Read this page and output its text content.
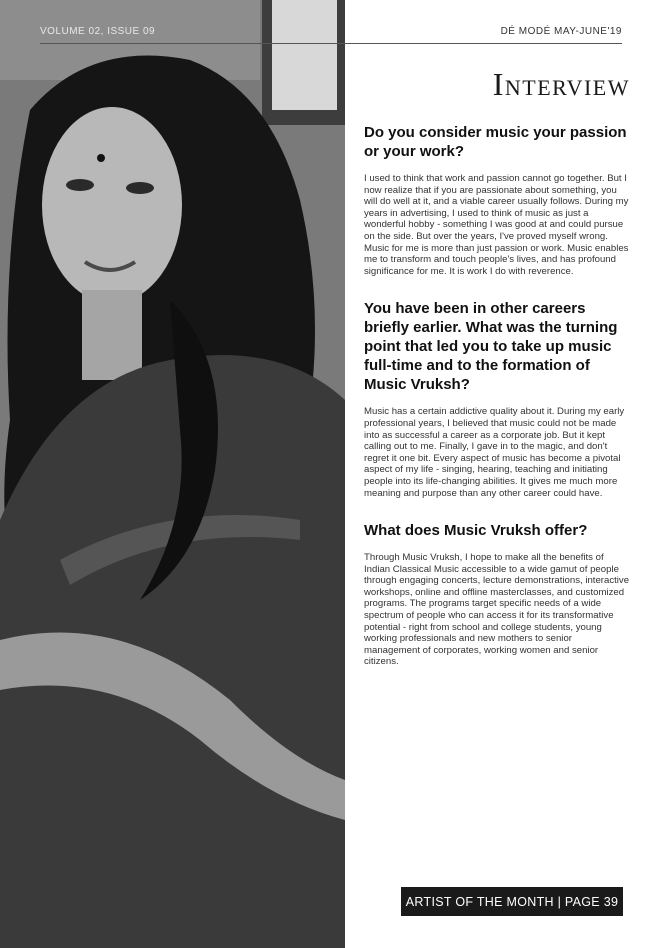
VOLUME 02, ISSUE 09	DÉ MODÉ MAY-JUNE'19
Interview
Do you consider music your passion or your work?
I used to think that work and passion cannot go together. But I now realize that if you are passionate about something, you will do well at it, and a viable career usually follows. During my years in advertising, I used to think of music as just a wonderful hobby - something I was good at and could pursue on the side. But over the years, I've proved myself wrong. Music for me is more than just passion or work. Music enables me to transform and touch people's lives, and has profound significance for me. It is work I do with reverence.
You have been in other careers briefly earlier. What was the turning point that led you to take up music full-time and to the formation of Music Vruksh?
Music has a certain addictive quality about it. During my early professional years, I believed that music could not be made into as successful a career as a corporate job. But it kept calling out to me. Finally, I gave in to the magic, and don't regret it one bit. Every aspect of music has become a pivotal aspect of my life - singing, hearing, teaching and initiating people into its life-changing abilities. It gives me much more meaning and purpose than any other career could have.
What does Music Vruksh offer?
Through Music Vruksh, I hope to make all the benefits of Indian Classical Music accessible to a wide gamut of people through engaging concerts, lecture demonstrations, interactive workshops, online and offline masterclasses, and customized programs. The programs target specific needs of a wide spectrum of people who can access it for its transformative potential - right from school and college students, young working professionals and new mothers to senior management of corporates, working women and senior citizens.
ARTIST OF THE MONTH | PAGE 39
